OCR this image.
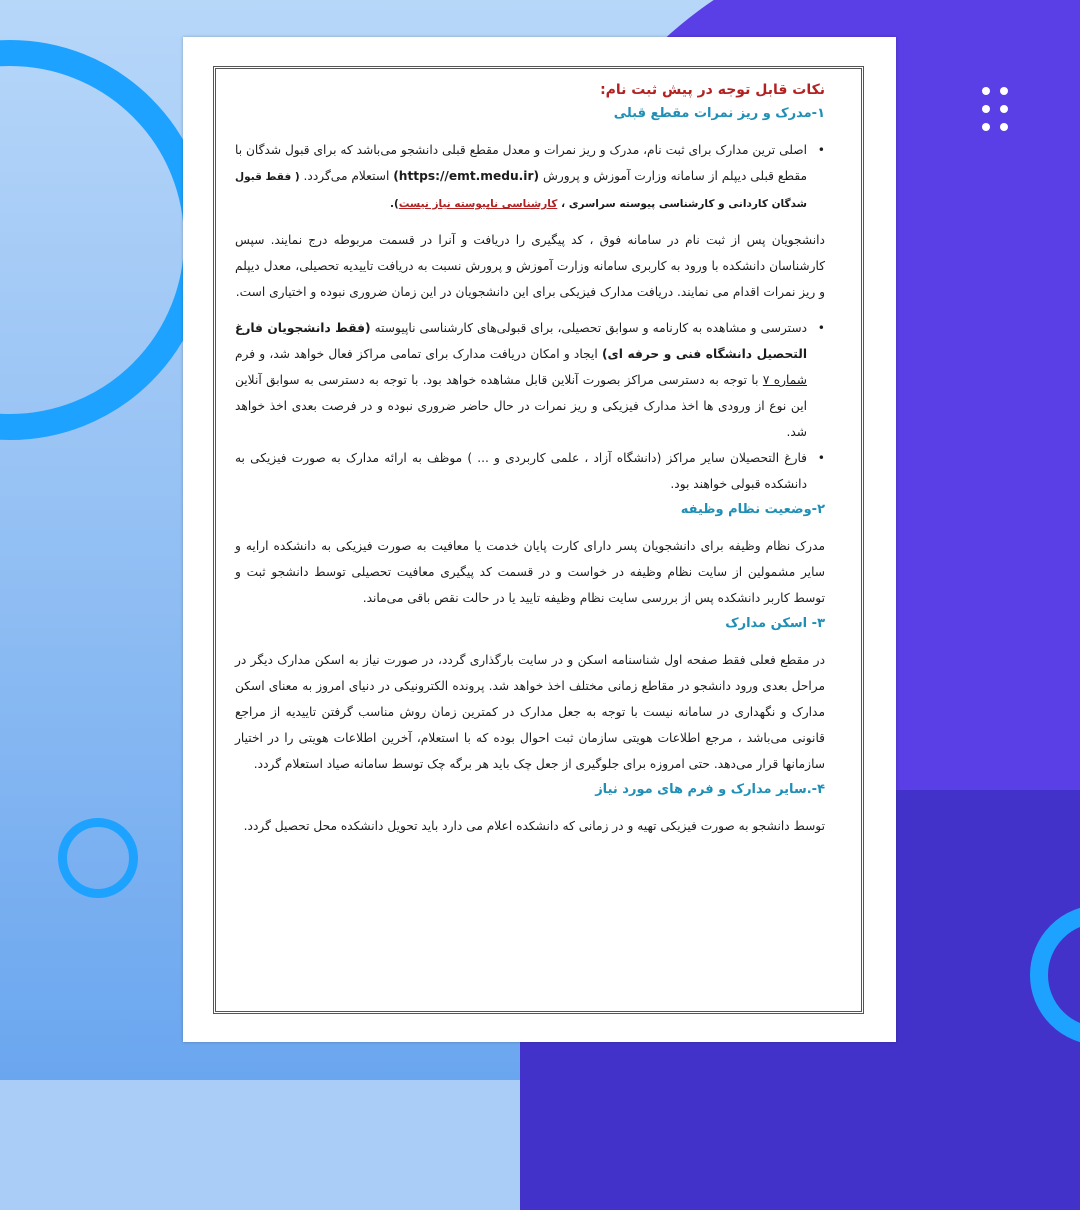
نکات قابل توجه در پیش ثبت نام:

۱-مدرک و ریز نمرات مقطع قبلی

• اصلی ترین مدارک برای ثبت نام، مدرک و ریز نمرات و معدل مقطع قبلی دانشجو می‌باشد که برای قبول شدگان با مقطع قبلی دیپلم از سامانه وزارت آموزش و پرورش (https://emt.medu.ir) استعلام می‌گردد. ( فقط قبول شدگان کاردانی و کارشناسی پیوسته سراسری ، کارشناسی ناپیوسته نیاز نیست).

دانشجویان پس از ثبت نام در سامانه فوق ، کد پیگیری را دریافت و آنرا در قسمت مربوطه درج نمایند. سپس کارشناسان دانشکده با ورود به کاربری سامانه وزارت آموزش و پرورش نسبت به دریافت تاییدیه تحصیلی، معدل دیپلم و ریز نمرات اقدام می نمایند. دریافت مدارک فیزیکی برای این دانشجویان در این زمان ضروری نبوده و اختیاری است.

• دسترسی و مشاهده به کارنامه و سوابق تحصیلی، برای قبولی‌های کارشناسی ناپیوسته (فقط دانشجویان فارغ التحصیل دانشگاه فنی و حرفه ای) ایجاد و امکان دریافت مدارک برای تمامی مراکز فعال خواهد شد، و فرم شماره ۷ با توجه به دسترسی مراکز بصورت آنلاین قابل مشاهده خواهد بود. با توجه به دسترسی به سوابق آنلاین این نوع از ورودی ها اخذ مدارک فیزیکی و ریز نمرات در حال حاضر ضروری نبوده و در فرصت بعدی اخذ خواهد شد.

• فارغ التحصیلان سایر مراکز (دانشگاه آزاد ، علمی کاربردی و ... ) موظف به ارائه مدارک به صورت فیزیکی به دانشکده قبولی خواهند بود.

۲-وضعیت نظام وظیفه

مدرک نظام وظیفه برای دانشجویان پسر دارای کارت پایان خدمت یا معافیت به صورت فیزیکی به دانشکده ارایه و سایر مشمولین از سایت نظام وظیفه در خواست و در قسمت کد پیگیری معافیت تحصیلی توسط دانشجو ثبت و توسط کاربر دانشکده پس از بررسی سایت نظام وظیفه تایید یا در حالت نقص باقی می‌ماند.

۳- اسکن مدارک

در مقطع فعلی فقط صفحه اول شناسنامه اسکن و در سایت بارگذاری گردد، در صورت نیاز به اسکن مدارک دیگر در مراحل بعدی ورود دانشجو در مقاطع زمانی مختلف اخذ خواهد شد. پرونده الکترونیکی در دنیای امروز به معنای اسکن مدارک و نگهداری در سامانه نیست با توجه به جعل مدارک در کمترین زمان روش مناسب گرفتن تاییدیه از مراجع قانونی می‌باشد ، مرجع اطلاعات هویتی سازمان ثبت احوال بوده که با استعلام، آخرین اطلاعات هویتی را در اختیار سازمانها قرار می‌دهد. حتی امروزه برای جلوگیری از جعل چک باید هر برگه چک توسط سامانه صیاد استعلام گردد.

۴-.سایر مدارک و فرم های مورد نیاز

توسط دانشجو به صورت فیزیکی تهیه و در زمانی که دانشکده اعلام می دارد باید تحویل دانشکده محل تحصیل گردد.
